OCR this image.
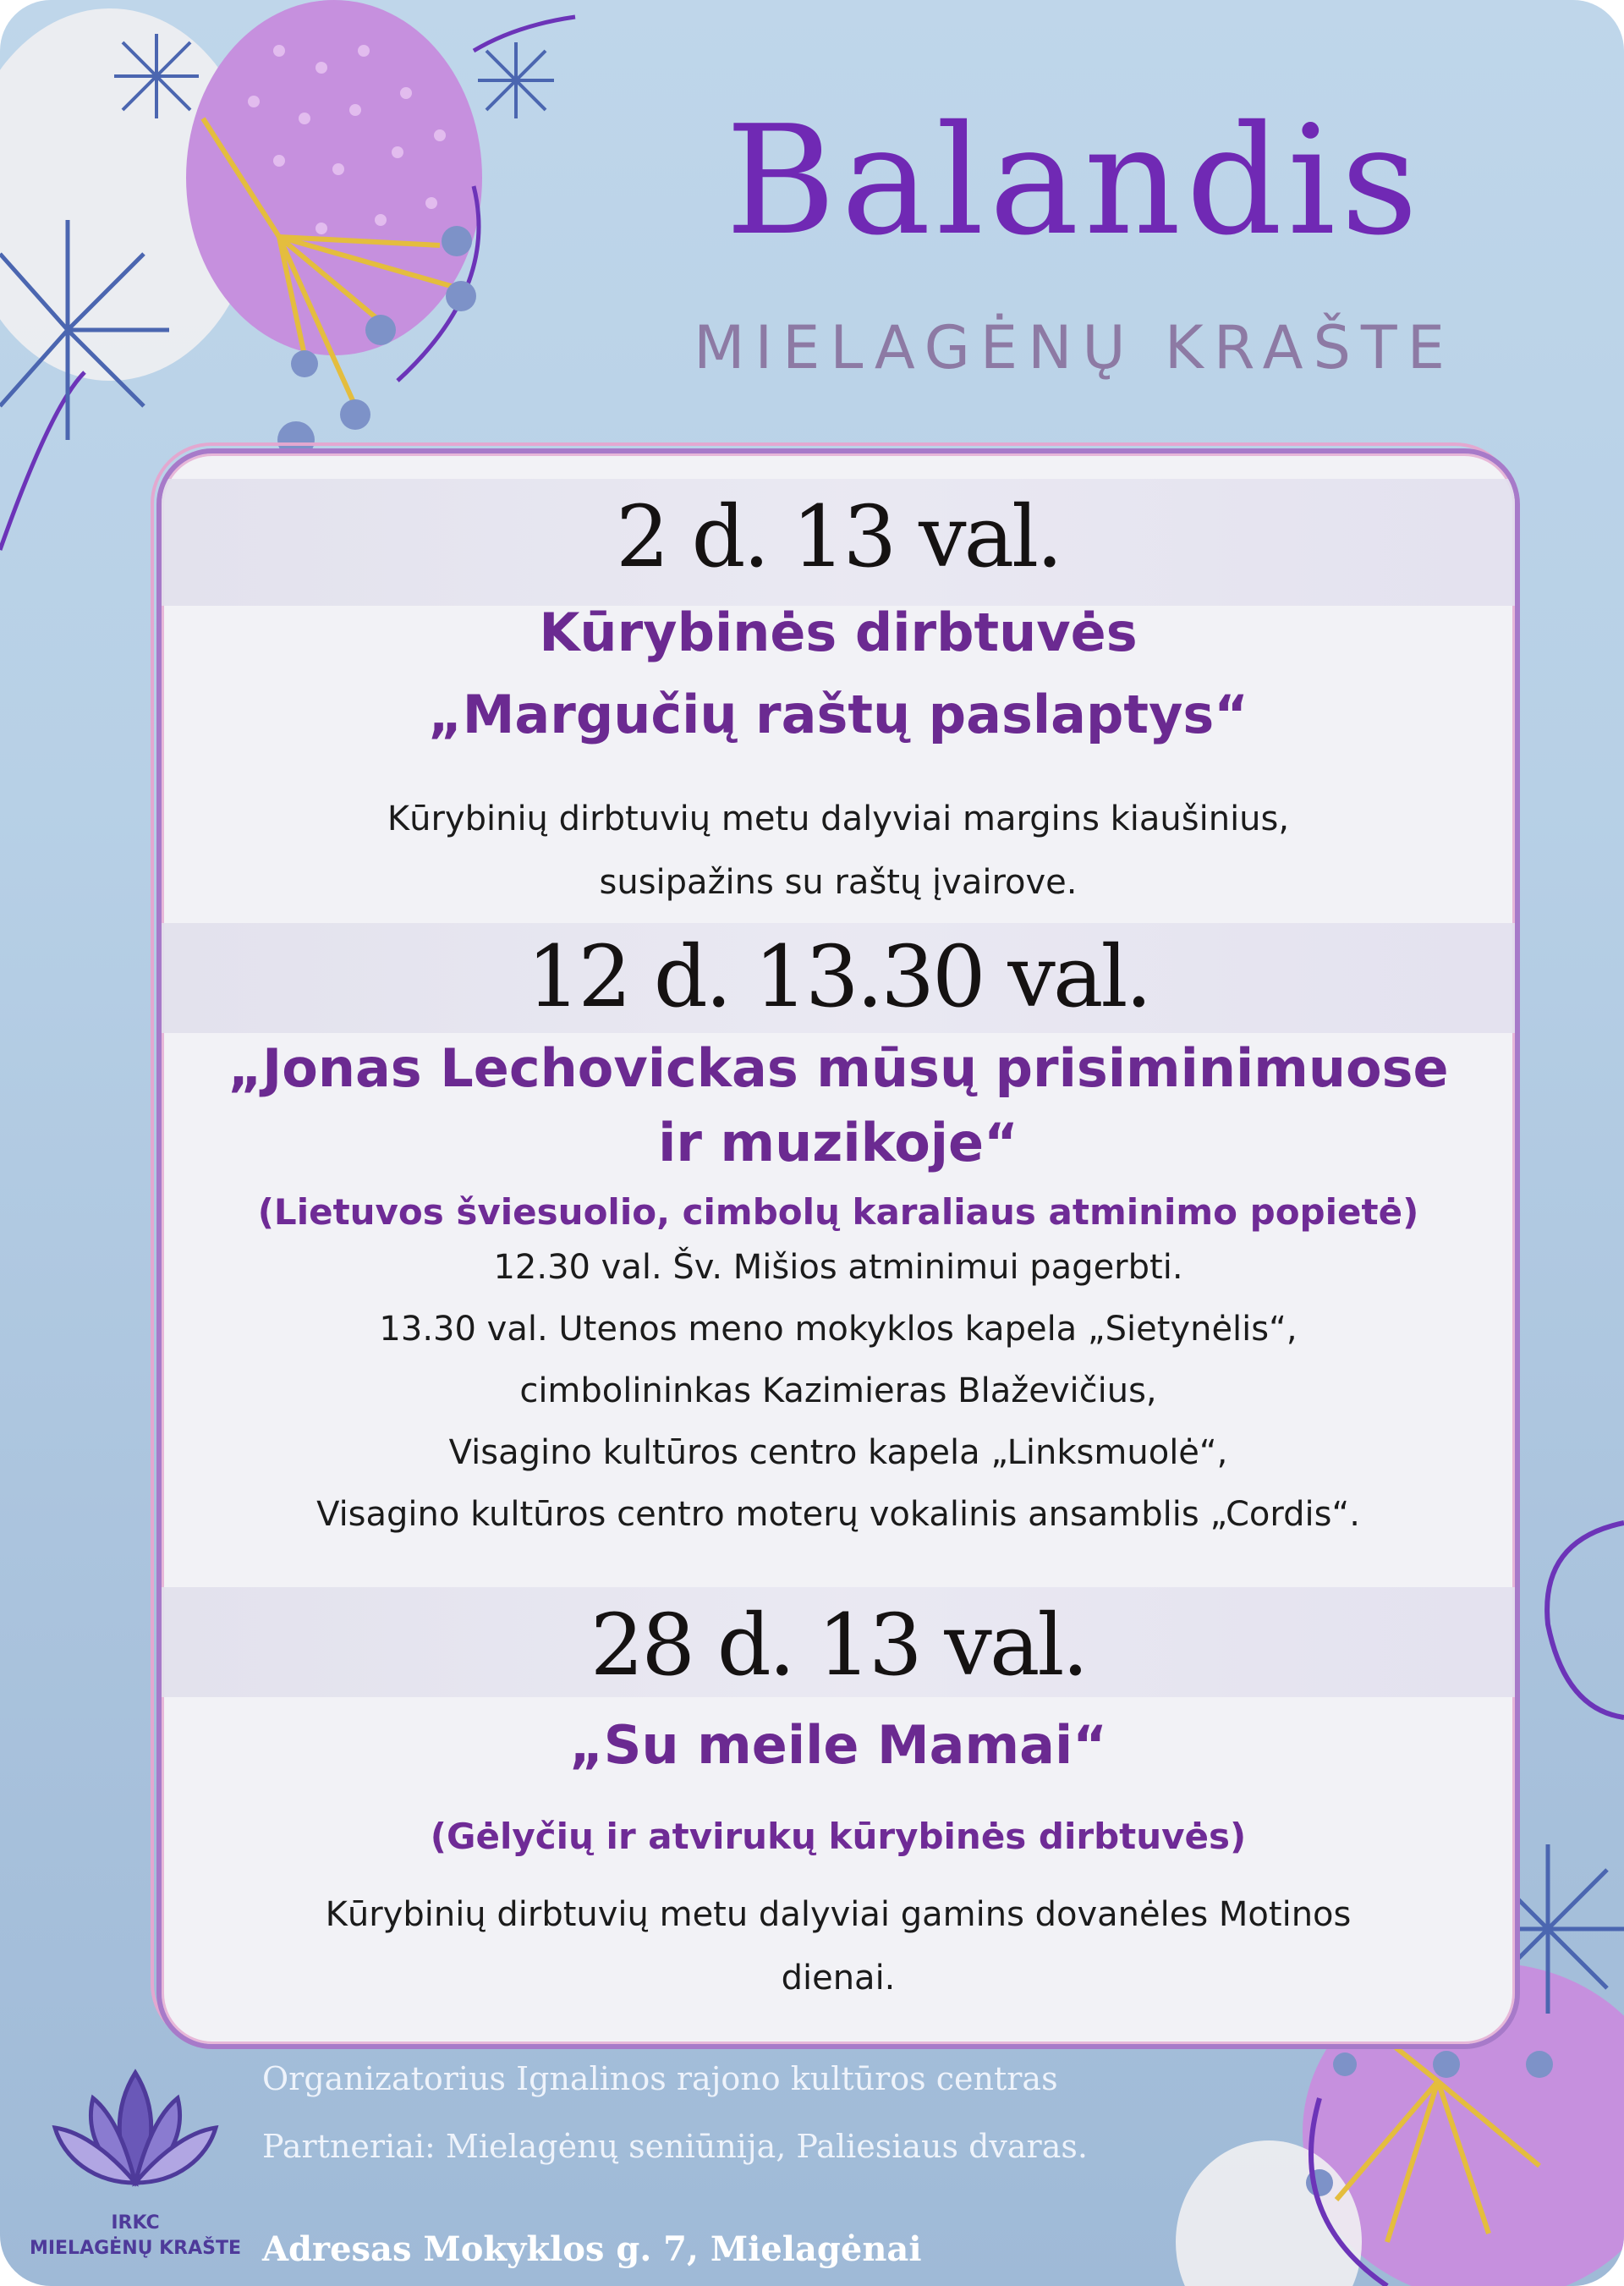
Balandis
MIELAGĖNŲ KRAŠTE

2 d. 13 val.

Kūrybinės dirbtuvės

„Margučių raštų paslaptys“

Kūrybinių dirbtuvių metu dalyviai margins kiaušinius,

susipažins su raštų įvairove.

12 d. 13.30 val.

„Jonas Lechovickas mūsų prisiminimuose

ir muzikoje“

(Lietuvos šviesuolio, cimbolų karaliaus atminimo popietė)

12.30 val. Šv. Mišios atminimui pagerbti.

13.30 val. Utenos meno mokyklos kapela „Sietynėlis“,

cimbolininkas Kazimieras Blaževičius,

Visagino kultūros centro kapela „Linksmuolė“,

Visagino kultūros centro moterų vokalinis ansamblis „Cordis“.

28 d. 13 val.

„Su meile Mamai“

(Gėlyčių ir atvirukų kūrybinės dirbtuvės)

Kūrybinių dirbtuvių metu dalyviai gamins dovanėles Motinos

dienai.

IRKC

MIELAGĖNŲ KRAŠTE

Organizatorius Ignalinos rajono kultūros centras

Partneriai: Mielagėnų seniūnija, Paliesiaus dvaras.

Adresas Mokyklos g. 7, Mielagėnai
